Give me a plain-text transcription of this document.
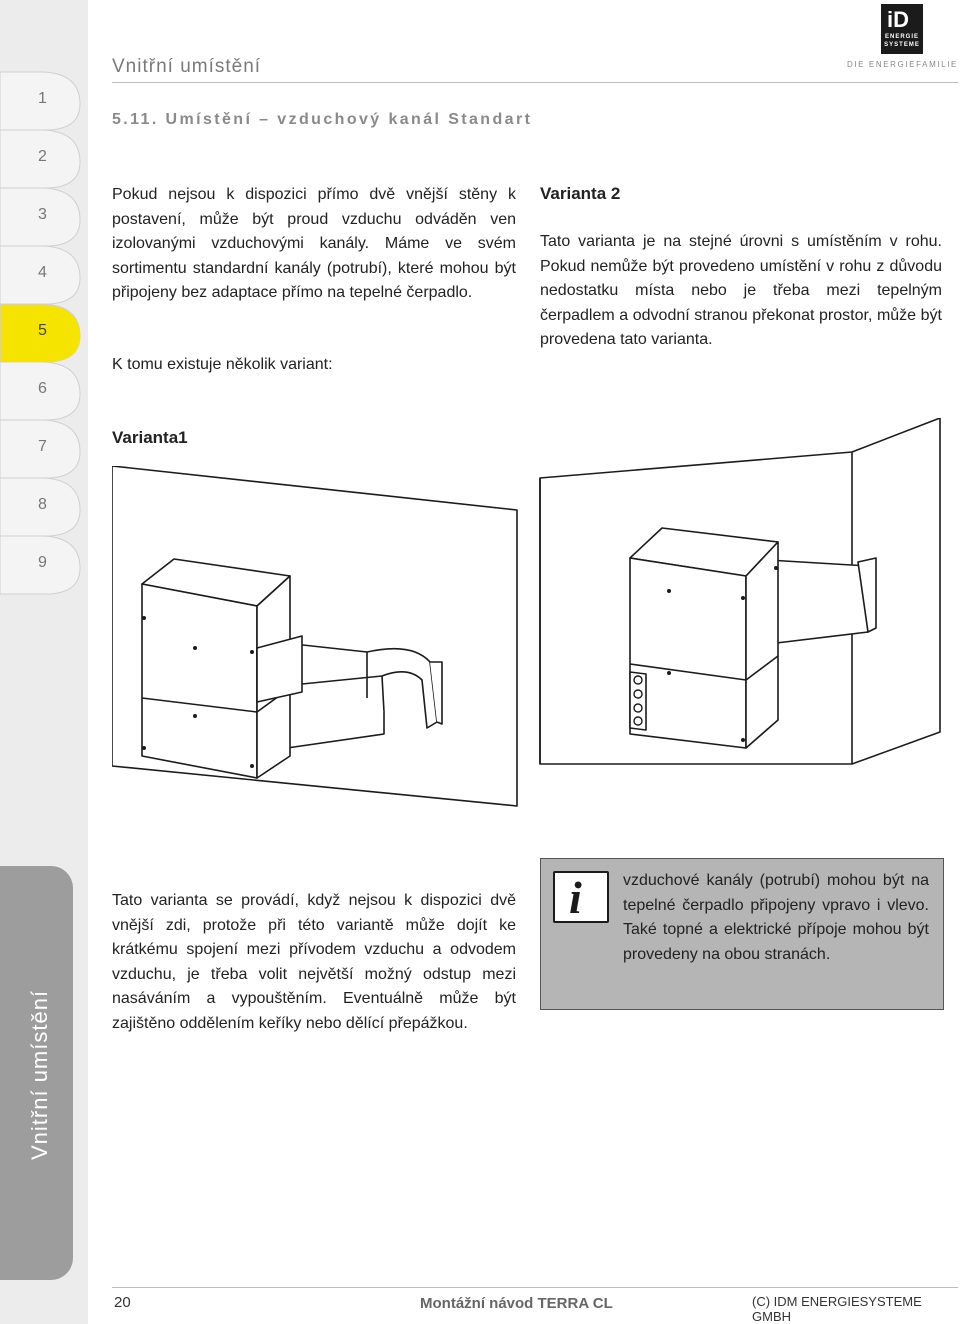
1
2
3
4
5
6
7
8
9
Vnitřní umístění
Vnitřní umístění
iD
ENERGIE
SYSTEME
DIE ENERGIEFAMILIE
5.11. Umístění – vzduchový kanál Standart

Pokud nejsou k dispozici přímo dvě vnější stěny k postavení, může být proud vzduchu odváděn ven izolovanými vzduchovými kanály. Máme ve svém sortimentu standardní kanály (potrubí), které mohou být připojeny bez adaptace přímo na tepelné čerpadlo.

K tomu existuje několik variant:
Varianta 2
Tato varianta je na stejné úrovni s umístěním v rohu. Pokud nemůže být provedeno umístění v rohu z důvodu nedostatku místa nebo je třeba mezi tepelným čerpadlem a odvodní stranou překonat prostor, může být provedena tato varianta.
Varianta1
Tato varianta se provádí, když nejsou k dispozici dvě vnější zdi, protože při této variantě může dojít ke krátkému spojení mezi přívodem vzduchu a odvodem vzduchu, je třeba volit největší možný odstup mezi nasáváním a vypouštěním. Eventuálně může být zajištěno oddělením keříky nebo dělící přepážkou.
i	vzduchové kanály (potrubí) mohou být na tepelné čerpadlo připojeny vpravo i vlevo. Také topné a elektrické přípoje mohou být provedeny na obou stranách.
20	Montážní návod TERRA CL	(C) IDM ENERGIESYSTEME GMBH
